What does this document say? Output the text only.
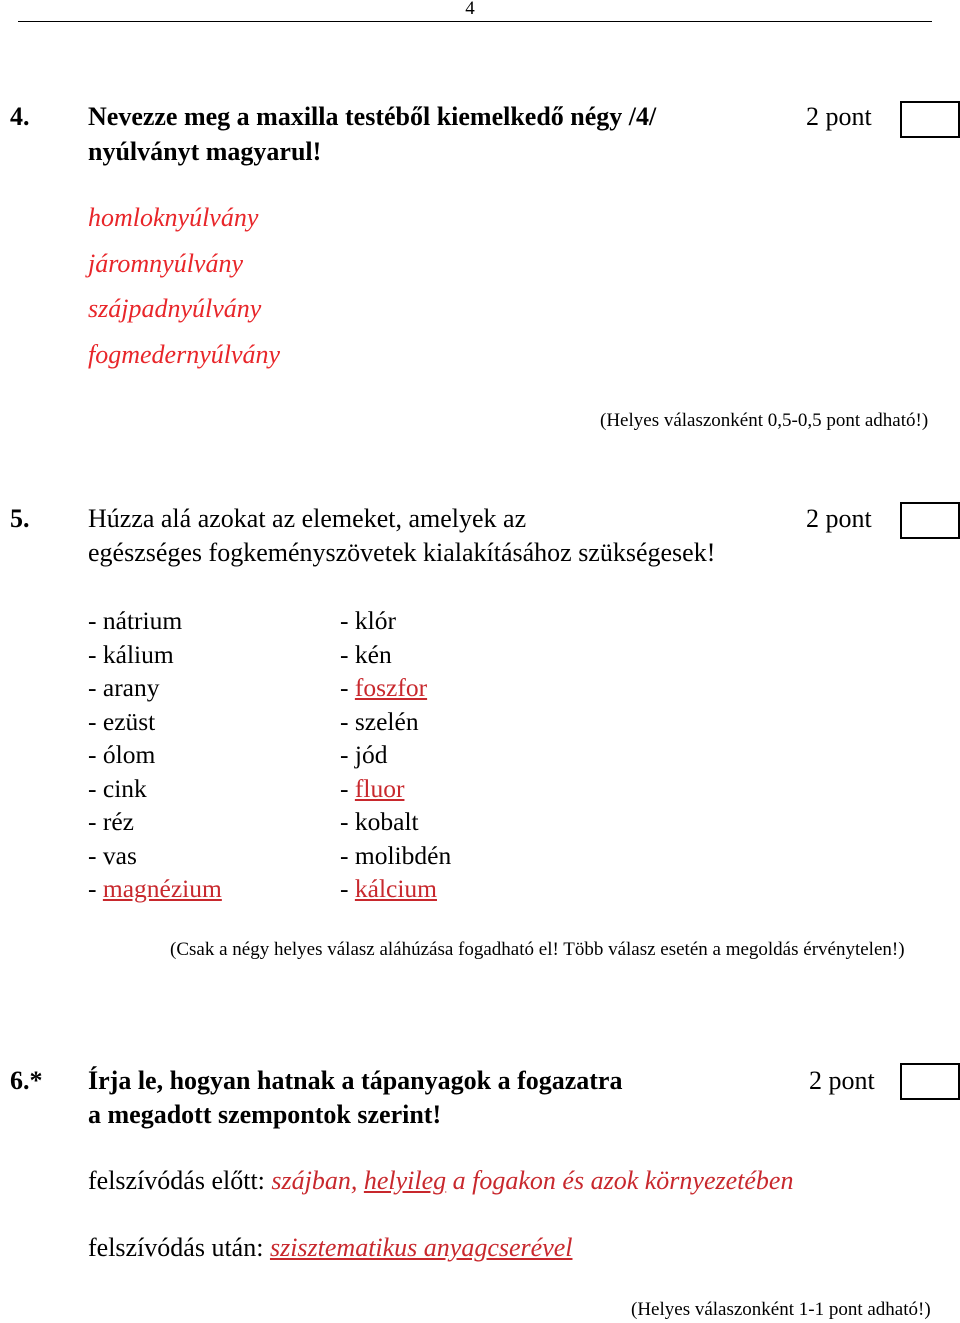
4
4. Nevezze meg a maxilla testéből kiemelkedő négy /4/
nyúlványt magyarul!
2 pont
homloknyúlvány
járomnyúlvány
szájpadnyúlvány
fogmedernyúlvány
(Helyes válaszonként 0,5-0,5 pont adható!)
5. Húzza alá azokat az elemeket, amelyek az
egészséges fogkeményszövetek kialakításához szükségesek!
2 pont
- nátrium
- kálium
- arany
- ezüst
- ólom
- cink
- réz
- vas
- magnézium
- klór
- kén
- foszfor
- szelén
- jód
- fluor
- kobalt
- molibdén
- kálcium
(Csak a négy helyes válasz aláhúzása fogadható el! Több válasz esetén a megoldás érvénytelen!)
6.* Írja le, hogyan hatnak a tápanyagok a fogazatra
a megadott szempontok szerint!
2 pont
felszívódás előtt: szájban, helyileg a fogakon és azok környezetében
felszívódás után: szisztematikus anyagcserével
(Helyes válaszonként 1-1 pont adható!)
